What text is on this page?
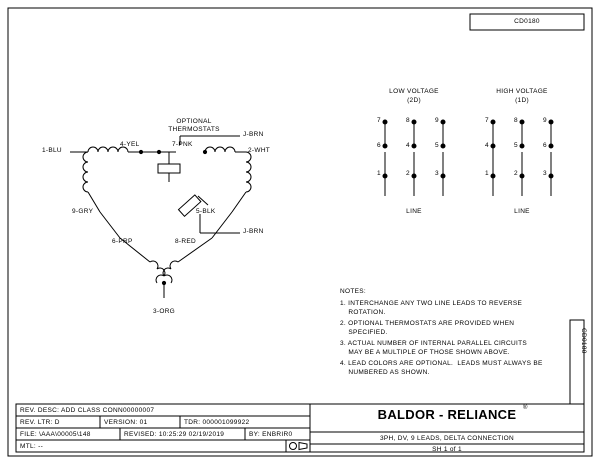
CD0180
CD0180
OPTIONAL
THERMOSTATS
J-BRN
J-BRN
1-BLU
4-YEL	7-PNK
2-WHT
9-GRY	5-BLK
6-PRP	8-RED
3-ORG
LOW VOLTAGE
(2D)
7	8	9
6	4	5
1	2	3
LINE
HIGH VOLTAGE
(1D)
7	8	9
4	5	6
1	2	3
LINE
NOTES:
1. INTERCHANGE ANY TWO LINE LEADS TO REVERSE
ROTATION.
2. OPTIONAL THERMOSTATS ARE PROVIDED WHEN
SPECIFIED.
3. ACTUAL NUMBER OF INTERNAL PARALLEL CIRCUITS
MAY BE A MULTIPLE OF THOSE SHOWN ABOVE.
4. LEAD COLORS ARE OPTIONAL.  LEADS MUST ALWAYS BE
NUMBERED AS SHOWN.
REV. DESC: ADD CLASS CONN00000007
REV. LTR: D	VERSION: 01	TDR: 000001099922
FILE: \AAA\00005\148	REVISED: 10:25:29 02/19/2019	BY: ENBRIR0
MTL: --
BALDOR - RELIANCE ®
3PH, DV, 9 LEADS, DELTA CONNECTION
SH 1 of 1
